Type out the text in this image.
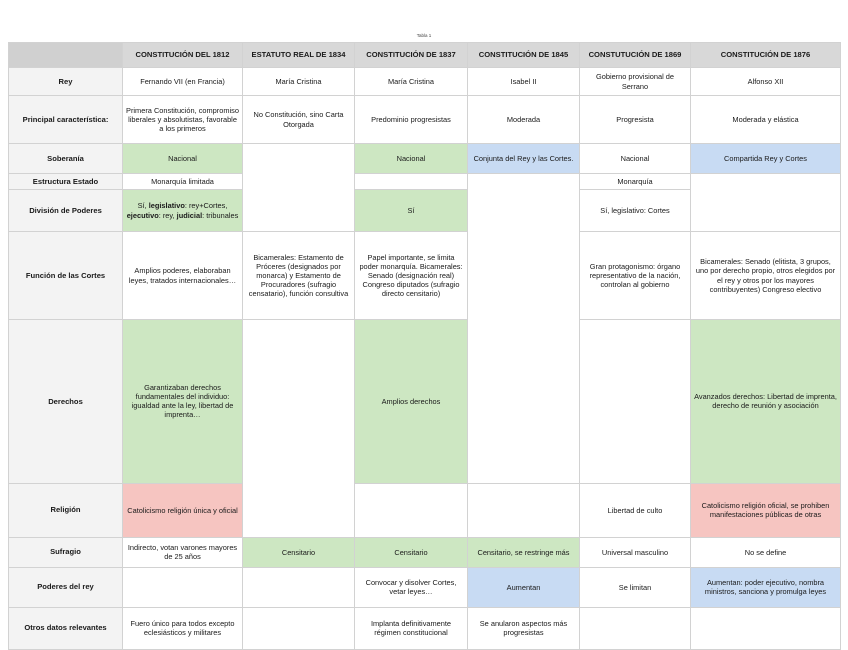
Tabla 1
	CONSTITUCIÓN DEL 1812	ESTATUTO REAL DE 1834	CONSTITUCIÓN DE 1837	CONSTITUCIÓN DE 1845	CONSTUTUCIÓN DE 1869	CONSTITUCIÓN DE 1876	
Rey	Fernando VII (en Francia)	María Cristina	María Cristina	Isabel II	Gobierno provisional de Serrano	Alfonso XII	
Principal característica:	Primera Constitución, compromiso liberales y absolutistas, favorable a los primeros	No Constitución, sino Carta Otorgada	Predominio progresistas	Moderada	Progresista	Moderada y elástica	
Soberanía	Nacional		Nacional	Conjunta del Rey y las Cortes.	Nacional	Compartida Rey y Cortes	
Estructura Estado	Monarquía limitada				Monarquía		
División de Poderes	Sí, legislativo: rey+Cortes, ejecutivo: rey, judicial: tribunales		Sí		Sí, legislativo: Cortes		
Función de las Cortes	Amplios poderes, elaboraban leyes, tratados internacionales…	Bicamerales: Estamento de Próceres (designados por monarca) y Estamento de Procuradores (sufragio censatario), función consultiva	Papel importante, se limita poder monarquía. Bicamerales: Senado (designación real) Congreso diputados (sufragio directo censitario)		Gran protagonismo: órgano representativo de la nación, controlan al gobierno	Bicamerales: Senado (elitista, 3 grupos, uno por derecho propio, otros elegidos por el rey y otros por los mayores contribuyentes) Congreso electivo	
Derechos	Garantizaban derechos fundamentales del individuo: igualdad ante la ley, libertad de imprenta…		Amplios derechos			Avanzados derechos: Libertad de imprenta, derecho de reunión y asociación	
Religión	Catolicismo religión única y oficial				Libertad de culto	Catolicismo religión oficial, se prohiben manifestaciones públicas de otras	
Sufragio	Indirecto, votan varones mayores de 25 años	Censitario	Censitario	Censitario, se restringe más	Universal masculino	No se define	
Poderes del rey			Convocar y disolver Cortes, vetar leyes…	Aumentan	Se limitan	Aumentan: poder ejecutivo, nombra ministros, sanciona y promulga leyes	
Otros datos relevantes	Fuero único para todos excepto eclesiásticos y militares		Implanta definitivamente régimen constitucional	Se anularon aspectos más progresistas			
